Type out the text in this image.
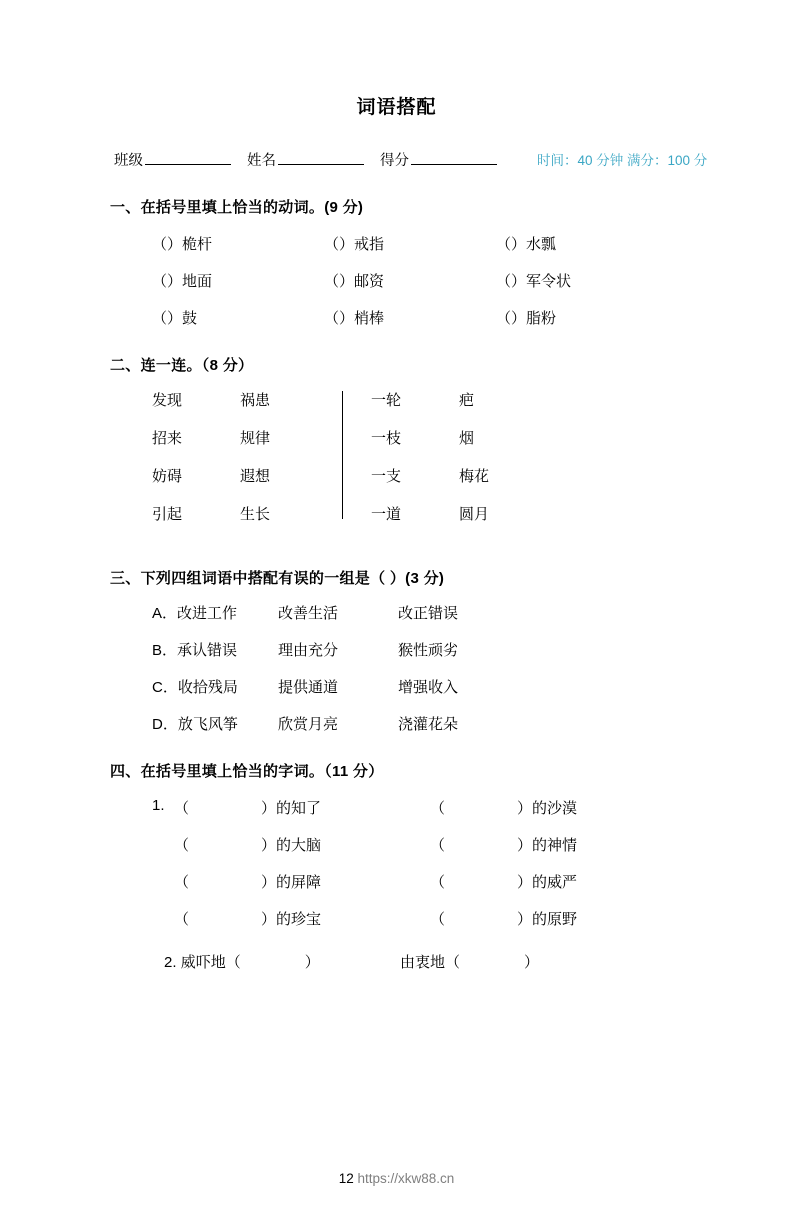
词语搭配
班级	姓名	得分	时间：40 分钟 满分：100 分
一、在括号里填上恰当的动词。(9 分)
（）桅杆	（）戒指	（）水瓢
（）地面	（）邮资	（）军令状
（）鼓	（）梢棒	（）脂粉
二、连一连。（8 分）
发现	祸患
招来	规律
妨碍	遐想
引起	生长
一轮	疤
一枝	烟
一支	梅花
一道	圆月
三、下列四组词语中搭配有误的一组是（ ）(3 分)
A．改进工作	改善生活	改正错误
B．承认错误	理由充分	猴性顽劣
C．收拾残局	提供通道	增强收入
D．放飞风筝	欣赏月亮	浇灌花朵
四、在括号里填上恰当的字词。（11 分）
1. （	）的知了	（	）的沙漠
（	）的大脑	（	）的神情
（	）的屏障	（	）的威严
（	）的珍宝	（	）的原野
2. 威吓地（	）	由衷地（	）
12 https://xkw88.cn
